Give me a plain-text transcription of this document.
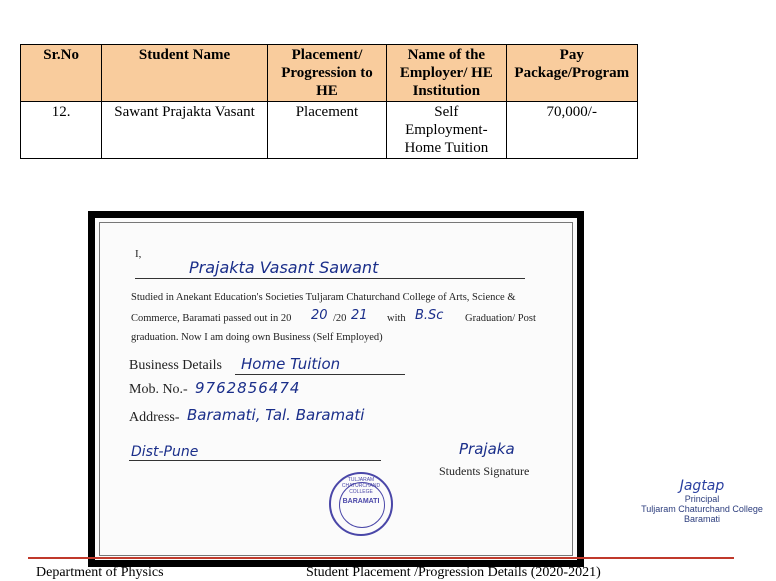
Sr.No	Student Name	Placement/ Progression to HE	Name of the Employer/ HE Institution	Pay Package/Program
12.	Sawant Prajakta Vasant	Placement	Self Employment- Home Tuition	70,000/-
I,
Prajakta Vasant Sawant
Studied in Anekant Education's Societies Tuljaram Chaturchand College of Arts, Science &
Commerce, Baramati passed out in 20 20 /20 21 with B.Sc Graduation/ Post
graduation. Now I am doing own Business (Self Employed)
Business Details Home Tuition
Mob. No.- 9762856474
Address- Baramati, Tal. Baramati
Dist-Pune	Prajaka
Students Signature
TULJARAM CHATURCHAND COLLEGE
BARAMATI
Jagtap
Principal
Tuljaram Chaturchand College
Baramati
Department of Physics	Student Placement /Progression Details (2020-2021)
